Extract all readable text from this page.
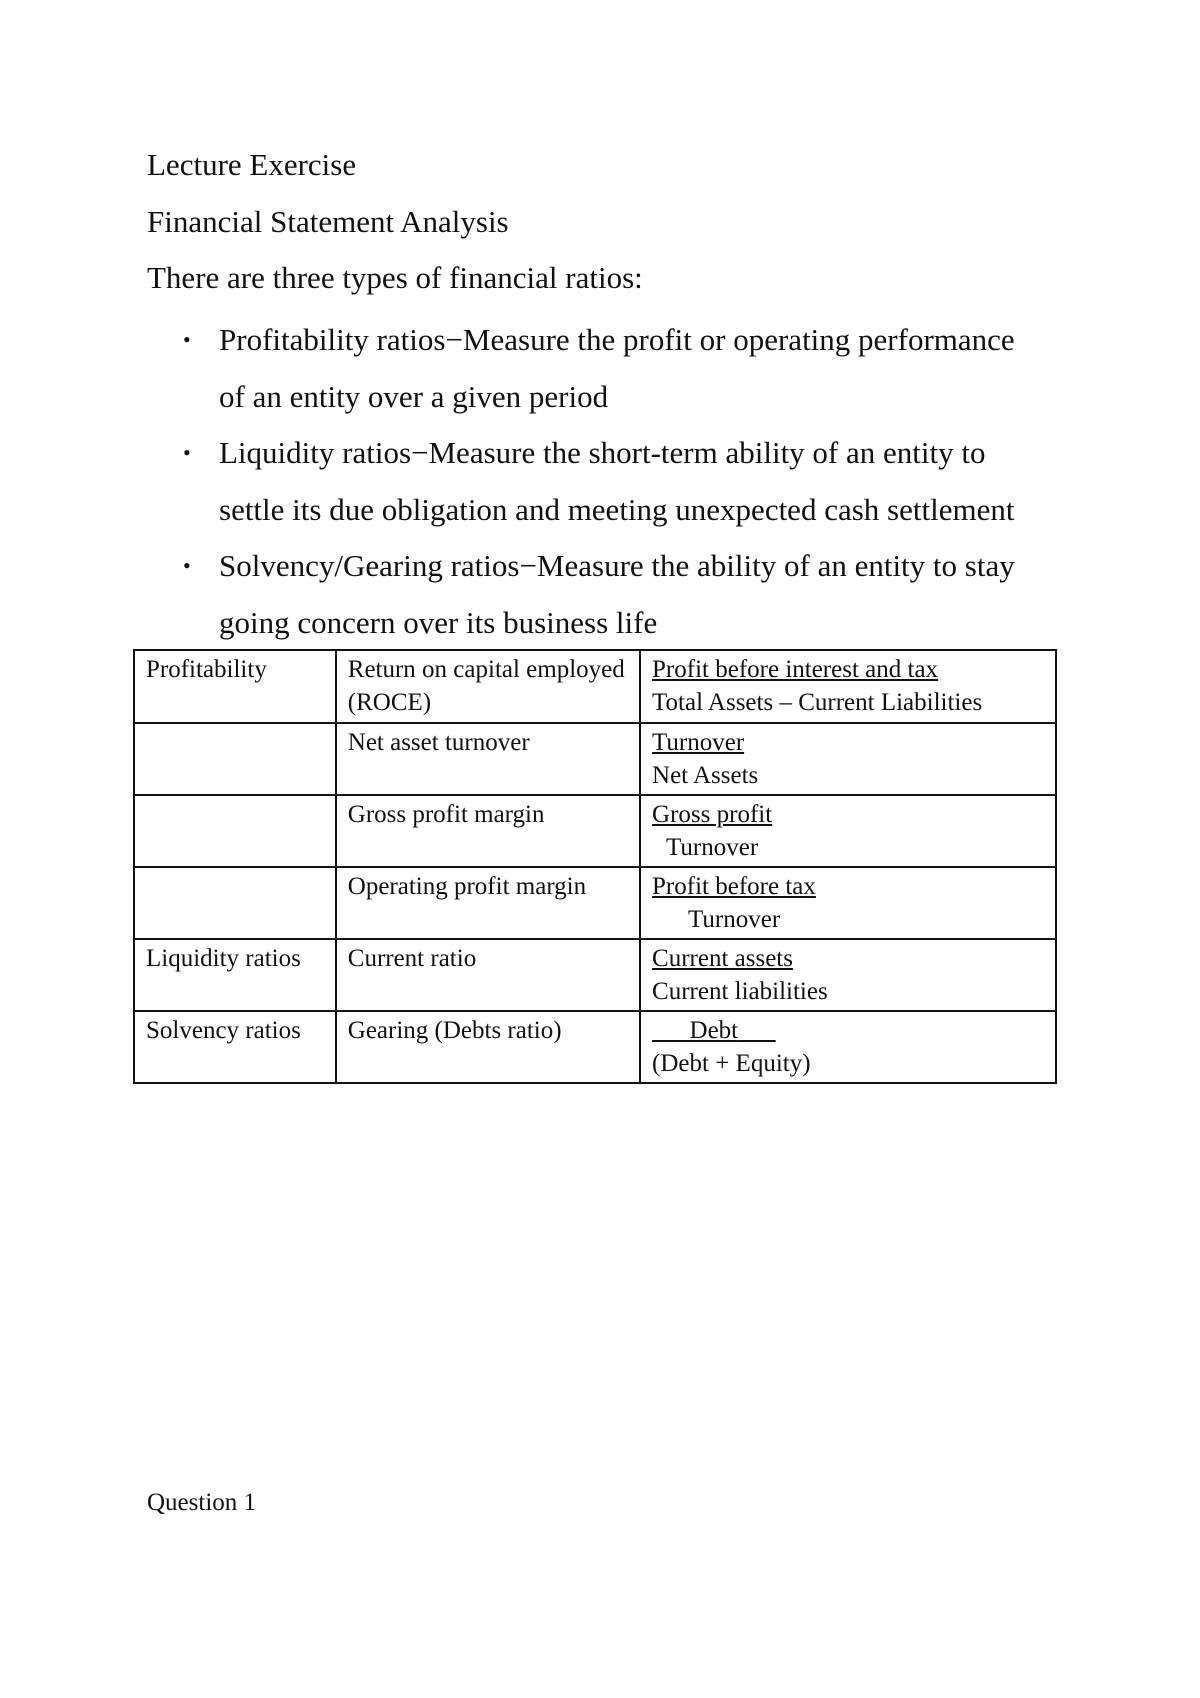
Lecture Exercise
Financial Statement Analysis
There are three types of financial ratios:
• Profitability ratios−Measure the profit or operating performance
of an entity over a given period
• Liquidity ratios−Measure the short-term ability of an entity to
settle its due obligation and meeting unexpected cash settlement
• Solvency/Gearing ratios−Measure the ability of an entity to stay
going concern over its business life
Profitability	Return on capital employed (ROCE)	Profit before interest and tax
Total Assets – Current Liabilities

	Net asset turnover	Turnover
Net Assets

	Gross profit margin	Gross profit
Turnover

	Operating profit margin	Profit before tax
Turnover

Liquidity ratios	Current ratio	Current assets
Current liabilities

Solvency ratios	Gearing (Debts ratio)	Debt
(Debt + Equity)
Question 1
